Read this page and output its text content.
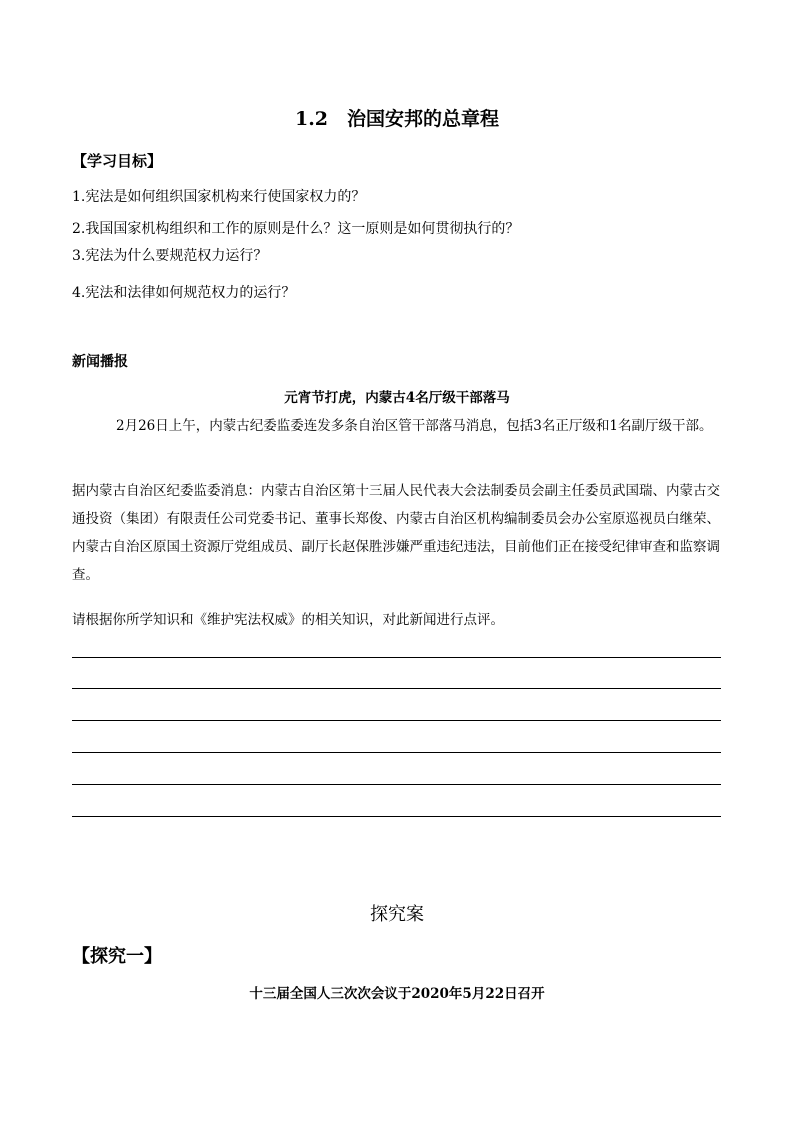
1.2　治国安邦的总章程
【学习目标】
1.宪法是如何组织国家机构来行使国家权力的？
2.我国国家机构组织和工作的原则是什么？这一原则是如何贯彻执行的？
3.宪法为什么要规范权力运行？
4.宪法和法律如何规范权力的运行？
新闻播报
元宵节打虎，内蒙古4名厅级干部落马
2月26日上午，内蒙古纪委监委连发多条自治区管干部落马消息，包括3名正厅级和1名副厅级干部。
据内蒙古自治区纪委监委消息：内蒙古自治区第十三届人民代表大会法制委员会副主任委员武国瑞、内蒙古交通投资（集团）有限责任公司党委书记、董事长郑俊、内蒙古自治区机构编制委员会办公室原巡视员白继荣、内蒙古自治区原国土资源厅党组成员、副厅长赵保胜涉嫌严重违纪违法，目前他们正在接受纪律审查和监察调查。
请根据你所学知识和《维护宪法权威》的相关知识，对此新闻进行点评。
探究案
【探究一】
十三届全国人三次次会议于2020年5月22日召开
